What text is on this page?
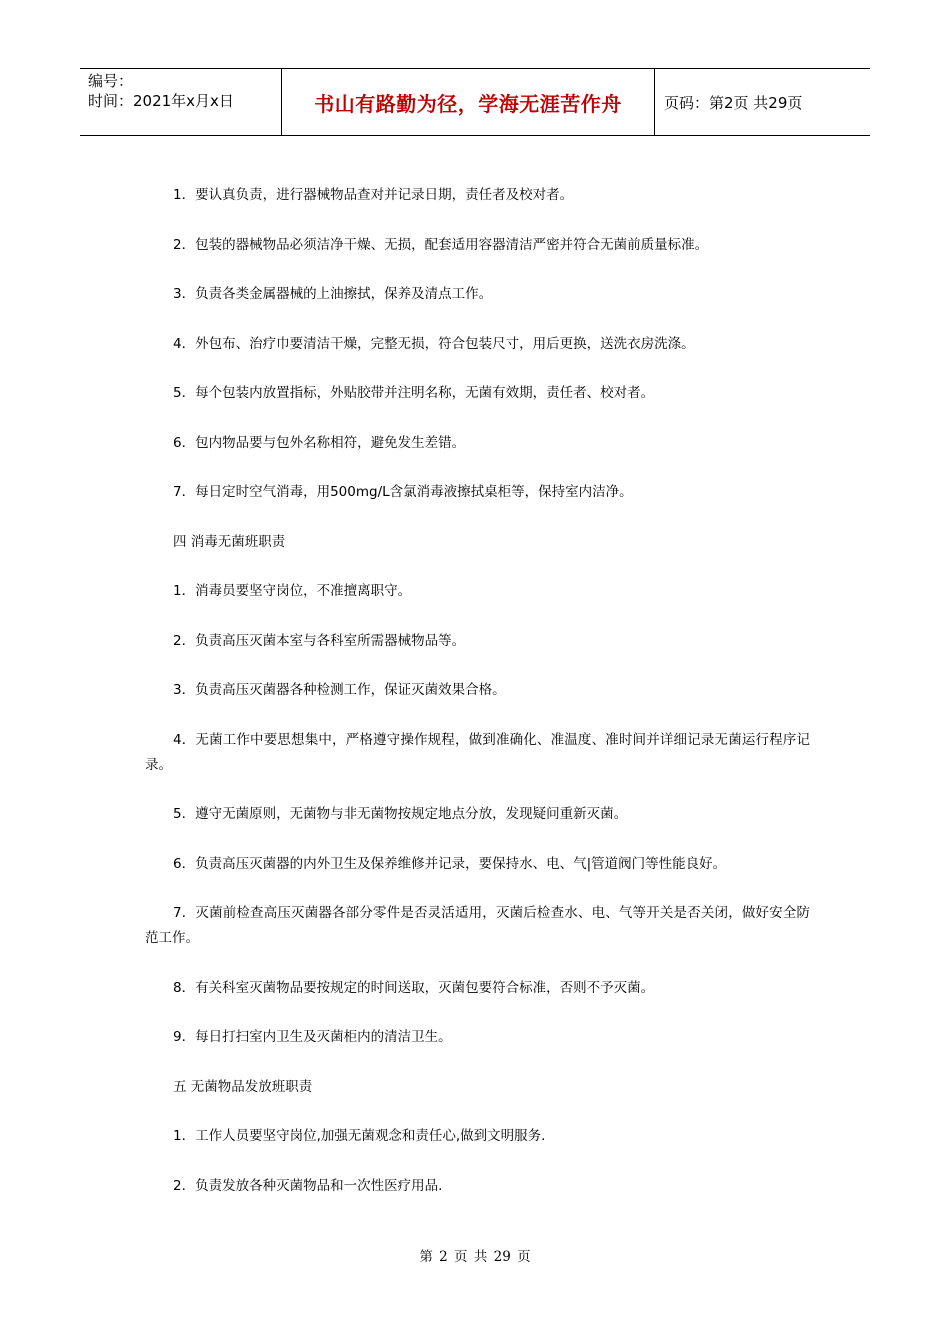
编号：
时间：2021年x月x日	书山有路勤为径，学海无涯苦作舟	页码：第2页 共29页

1．要认真负责，进行器械物品查对并记录日期，责任者及校对者。

2．包装的器械物品必须洁净干燥、无损，配套适用容器清洁严密并符合无菌前质量标准。

3．负责各类金属器械的上油擦拭，保养及清点工作。

4．外包布、治疗巾要清洁干燥，完整无损，符合包装尺寸，用后更换，送洗衣房洗涤。

5．每个包装内放置指标，外贴胶带并注明名称，无菌有效期，责任者、校对者。

6．包内物品要与包外名称相符，避免发生差错。

7．每日定时空气消毒，用500mg/L含氯消毒液擦拭桌柜等，保持室内洁净。

四 消毒无菌班职责

1．消毒员要坚守岗位，不准擅离职守。

2．负责高压灭菌本室与各科室所需器械物品等。

3．负责高压灭菌器各种检测工作，保证灭菌效果合格。

4．无菌工作中要思想集中，严格遵守操作规程，做到准确化、准温度、准时间并详细记录无菌运行程序记录。

5．遵守无菌原则，无菌物与非无菌物按规定地点分放，发现疑问重新灭菌。

6．负责高压灭菌器的内外卫生及保养维修并记录，要保持水、电、气|管道阀门等性能良好。

7．灭菌前检查高压灭菌器各部分零件是否灵活适用，灭菌后检查水、电、气等开关是否关闭，做好安全防范工作。

8．有关科室灭菌物品要按规定的时间送取，灭菌包要符合标准，否则不予灭菌。

9．每日打扫室内卫生及灭菌柜内的清洁卫生。

五 无菌物品发放班职责

1．工作人员要坚守岗位,加强无菌观念和责任心,做到文明服务.

2．负责发放各种灭菌物品和一次性医疗用品.

第 2 页 共 29 页
